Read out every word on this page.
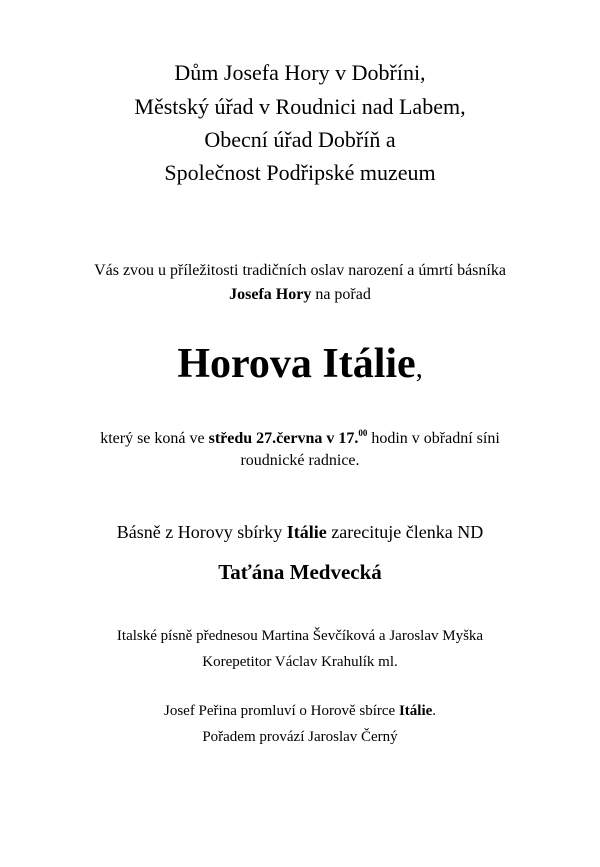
Dům Josefa Hory v Dobříni,
Městský úřad v Roudnici nad Labem,
Obecní úřad Dobříň a
Společnost Podřipské muzeum
Vás zvou u příležitosti tradičních oslav narození a úmrtí básníka
Josefa Hory na pořad
Horova Itálie,
který se koná ve středu 27.června v 17.00 hodin v obřadní síni
roudnické radnice.
Básně z Horovy sbírky Itálie zarecituje členka ND
Taťána Medvecká
Italské písně přednesou Martina Ševčíková a Jaroslav Myška
Korepetitor Václav Krahulík ml.
Josef Peřina promluví o Horově sbírce Itálie.
Pořadem provází Jaroslav Černý
